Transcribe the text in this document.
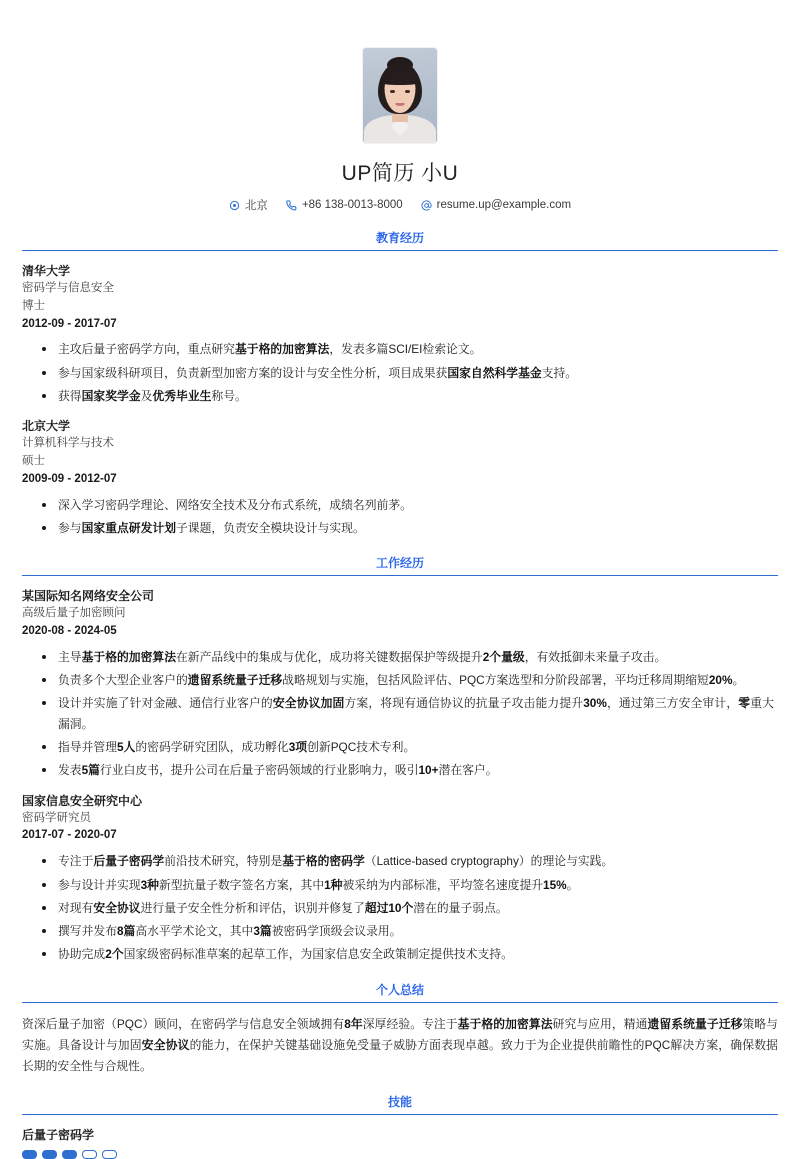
UP简历 小U
北京	+86 138-0013-8000	resume.up@example.com
教育经历
清华大学
密码学与信息安全
博士
2012-09 - 2017-07
主攻后量子密码学方向，重点研究基于格的加密算法，发表多篇SCI/EI检索论文。
参与国家级科研项目，负责新型加密方案的设计与安全性分析，项目成果获国家自然科学基金支持。
获得国家奖学金及优秀毕业生称号。
北京大学
计算机科学与技术
硕士
2009-09 - 2012-07
深入学习密码学理论、网络安全技术及分布式系统，成绩名列前茅。
参与国家重点研发计划子课题，负责安全模块设计与实现。
工作经历
某国际知名网络安全公司
高级后量子加密顾问
2020-08 - 2024-05
主导基于格的加密算法在新产品线中的集成与优化，成功将关键数据保护等级提升2个量级，有效抵御未来量子攻击。
负责多个大型企业客户的遗留系统量子迁移战略规划与实施，包括风险评估、PQC方案选型和分阶段部署，平均迁移周期缩短20%。
设计并实施了针对金融、通信行业客户的安全协议加固方案，将现有通信协议的抗量子攻击能力提升30%，通过第三方安全审计，零重大漏洞。
指导并管理5人的密码学研究团队，成功孵化3项创新PQC技术专利。
发表5篇行业白皮书，提升公司在后量子密码领域的行业影响力，吸引10+潜在客户。
国家信息安全研究中心
密码学研究员
2017-07 - 2020-07
专注于后量子密码学前沿技术研究，特别是基于格的密码学（Lattice-based cryptography）的理论与实践。
参与设计并实现3种新型抗量子数字签名方案，其中1种被采纳为内部标准，平均签名速度提升15%。
对现有安全协议进行量子安全性分析和评估，识别并修复了超过10个潜在的量子弱点。
撰写并发布8篇高水平学术论文，其中3篇被密码学顶级会议录用。
协助完成2个国家级密码标准草案的起草工作，为国家信息安全政策制定提供技术支持。
个人总结
资深后量子加密（PQC）顾问，在密码学与信息安全领域拥有8年深厚经验。专注于基于格的加密算法研究与应用，精通遗留系统量子迁移策略与实施。具备设计与加固安全协议的能力，在保护关键基础设施免受量子威胁方面表现卓越。致力于为企业提供前瞻性的PQC解决方案，确保数据长期的安全性与合规性。
技能
后量子密码学
